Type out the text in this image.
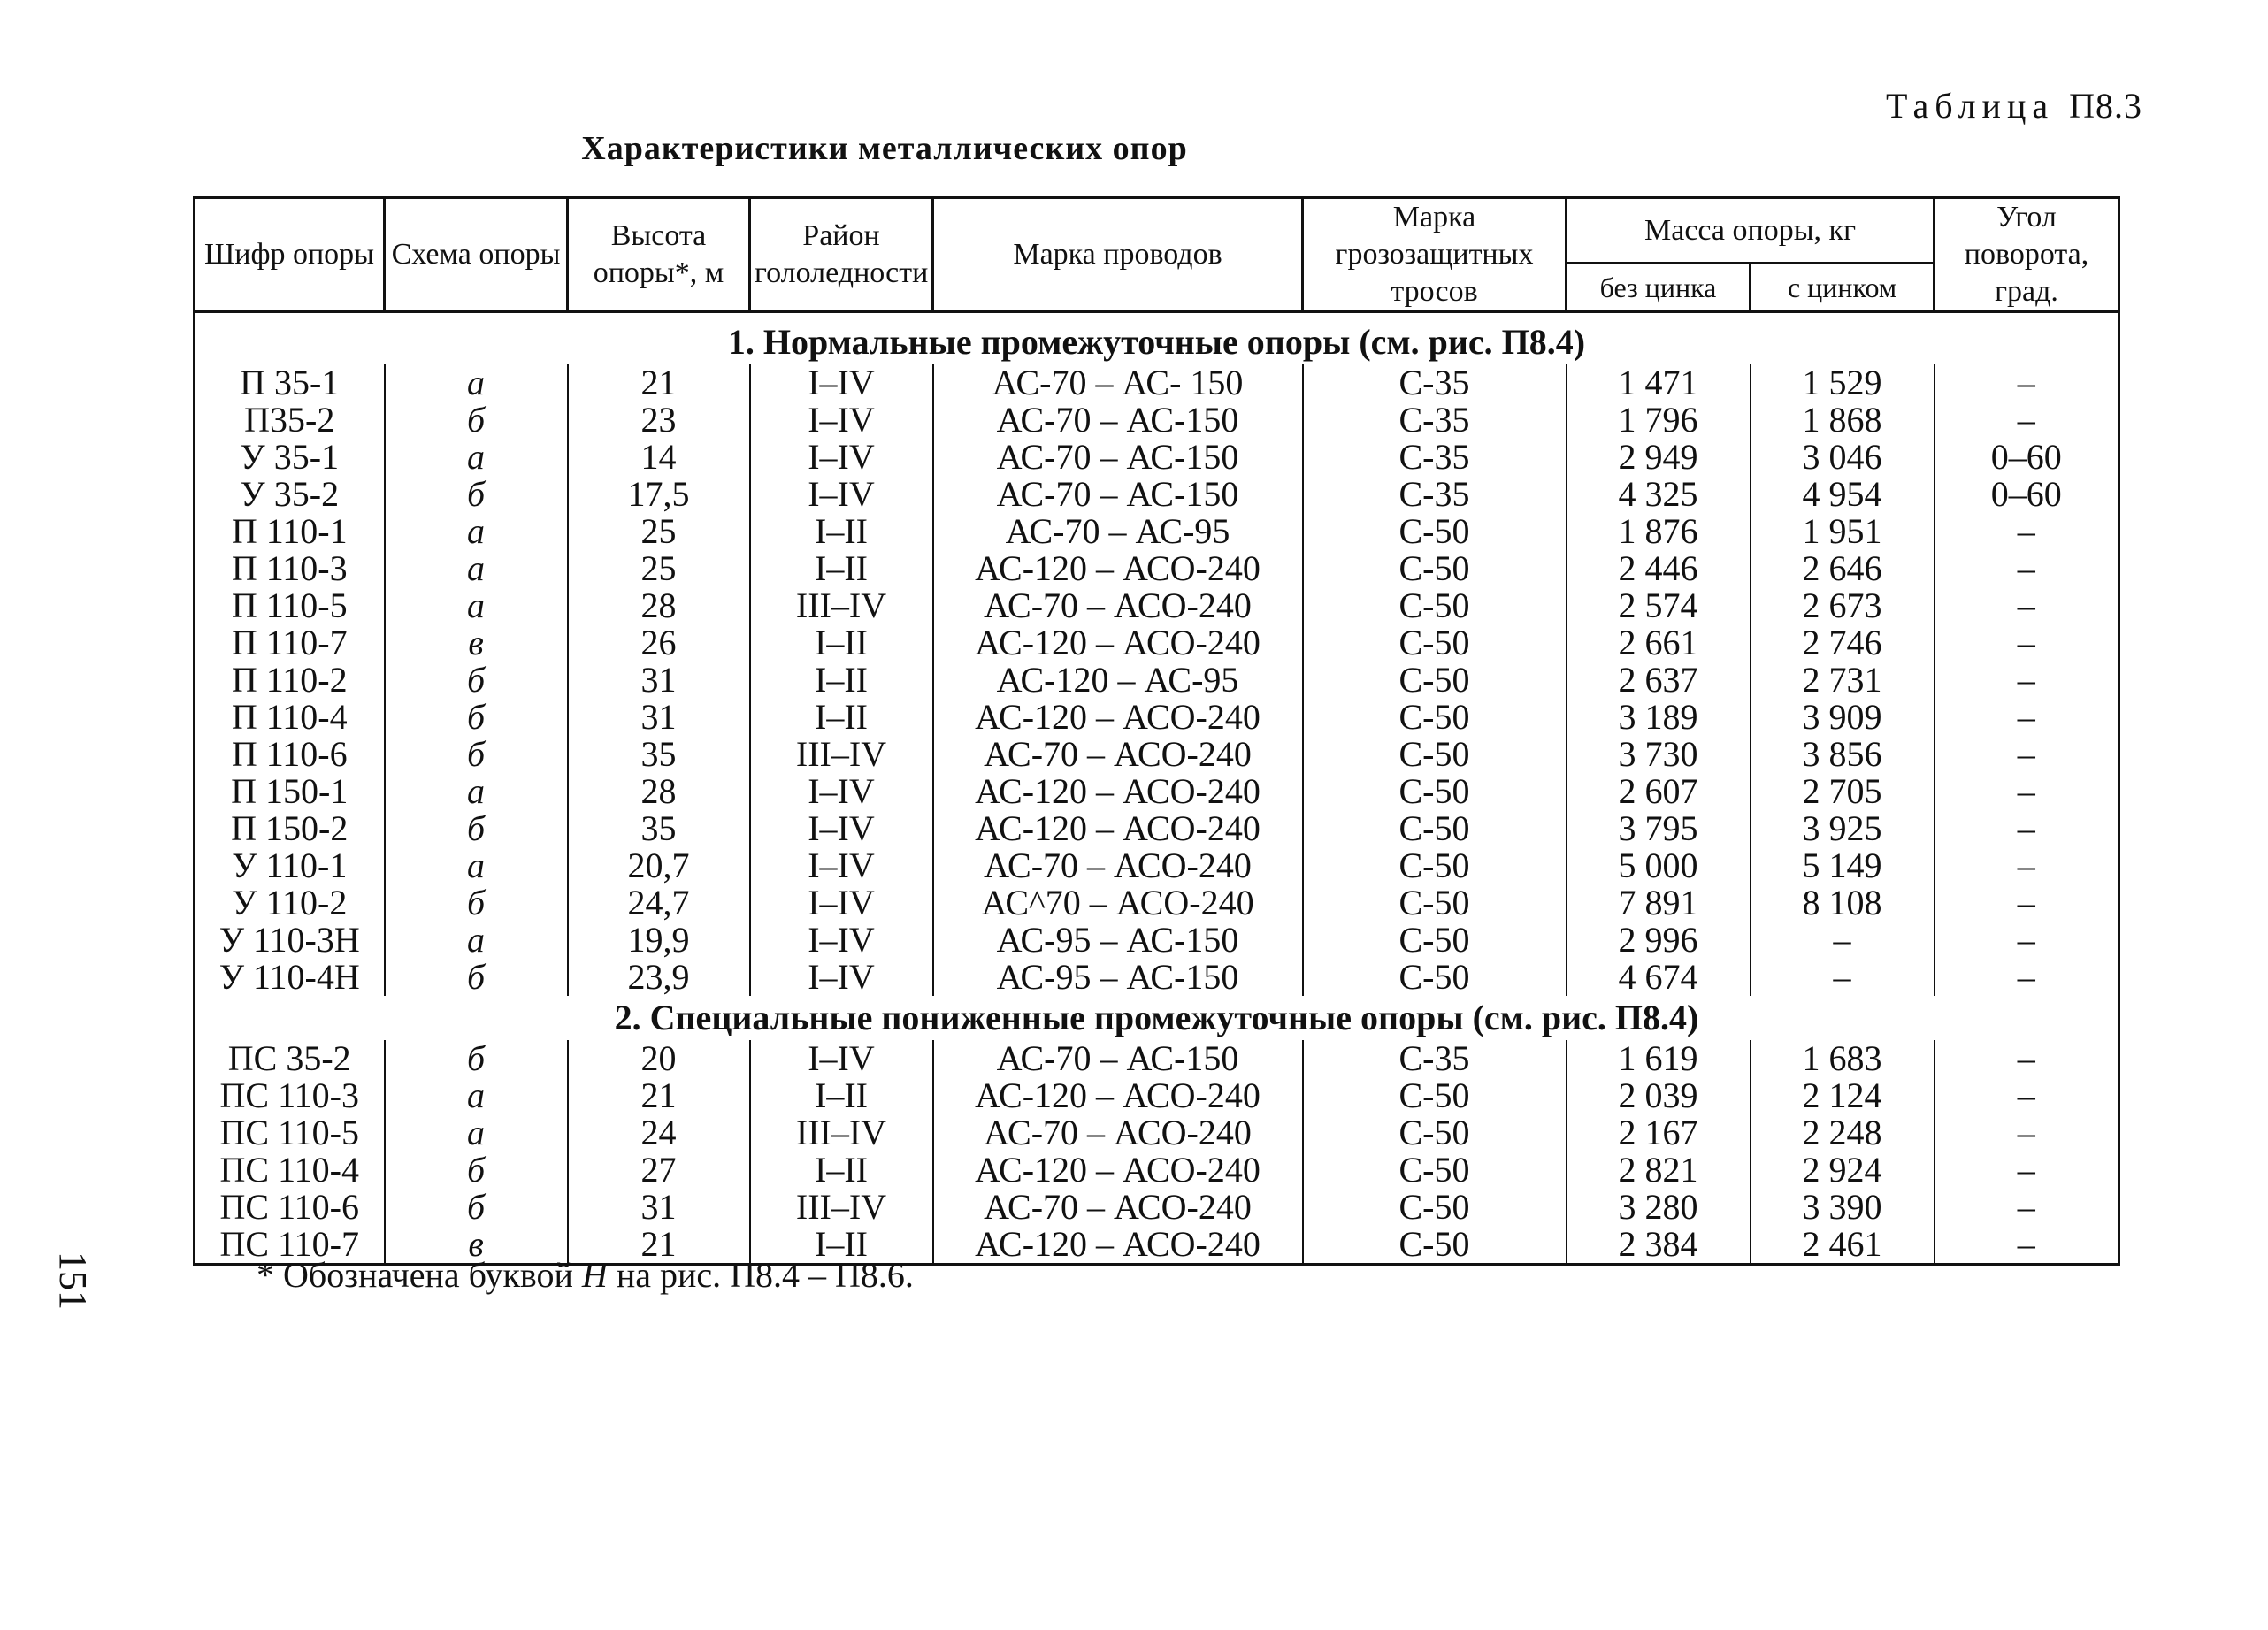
Таблица П8.3
Характеристики металлических опор
151
Шифр опоры	Схема опоры	Высота опоры*, м	Район гололедности	Марка проводов	Марка грозозащитных тросов	Масса опоры, кг		Угол поворота, град.
						без цинка	с цинком	
1. Нормальные промежуточные опоры (см. рис. П8.4)								
П 35-1	а	21	I–IV	АС-70 – АС- 150	С-35	1 471	1 529	–
П35-2	б	23	I–IV	АС-70 – АС-150	С-35	1 796	1 868	–
У 35-1	а	14	I–IV	АС-70 – АС-150	С-35	2 949	3 046	0–60
У 35-2	б	17,5	I–IV	АС-70 – АС-150	С-35	4 325	4 954	0–60
П 110-1	а	25	I–II	АС-70 – АС-95	С-50	1 876	1 951	–
П 110-3	а	25	I–II	АС-120 – АСО-240	С-50	2 446	2 646	–
П 110-5	а	28	III–IV	АС-70 – АСО-240	С-50	2 574	2 673	–
П 110-7	в	26	I–II	АС-120 – АСО-240	С-50	2 661	2 746	–
П 110-2	б	31	I–II	АС-120 – АС-95	С-50	2 637	2 731	–
П 110-4	б	31	I–II	АС-120 – АСО-240	С-50	3 189	3 909	–
П 110-6	б	35	III–IV	АС-70 – АСО-240	С-50	3 730	3 856	–
П 150-1	а	28	I–IV	АС-120 – АСО-240	С-50	2 607	2 705	–
П 150-2	б	35	I–IV	АС-120 – АСО-240	С-50	3 795	3 925	–
У 110-1	а	20,7	I–IV	АС-70 – АСО-240	С-50	5 000	5 149	–
У 110-2	б	24,7	I–IV	АС^70 – АСО-240	С-50	7 891	8 108	–
У 110-3Н	а	19,9	I–IV	АС-95 – АС-150	С-50	2 996	–	–
У 110-4Н	б	23,9	I–IV	АС-95 – АС-150	С-50	4 674	–	–
2. Специальные пониженные промежуточные опоры (см. рис. П8.4)								
ПС 35-2	б	20	I–IV	АС-70 – АС-150	С-35	1 619	1 683	–
ПС 110-3	а	21	I–II	АС-120 – АСО-240	С-50	2 039	2 124	–
ПС 110-5	а	24	III–IV	АС-70 – АСО-240	С-50	2 167	2 248	–
ПС 110-4	б	27	I–II	АС-120 – АСО-240	С-50	2 821	2 924	–
ПС 110-6	б	31	III–IV	АС-70 – АСО-240	С-50	3 280	3 390	–
ПС 110-7	в	21	I–II	АС-120 – АСО-240	С-50	2 384	2 461	–
* Обозначена буквой Н на рис. П8.4 – П8.6.
